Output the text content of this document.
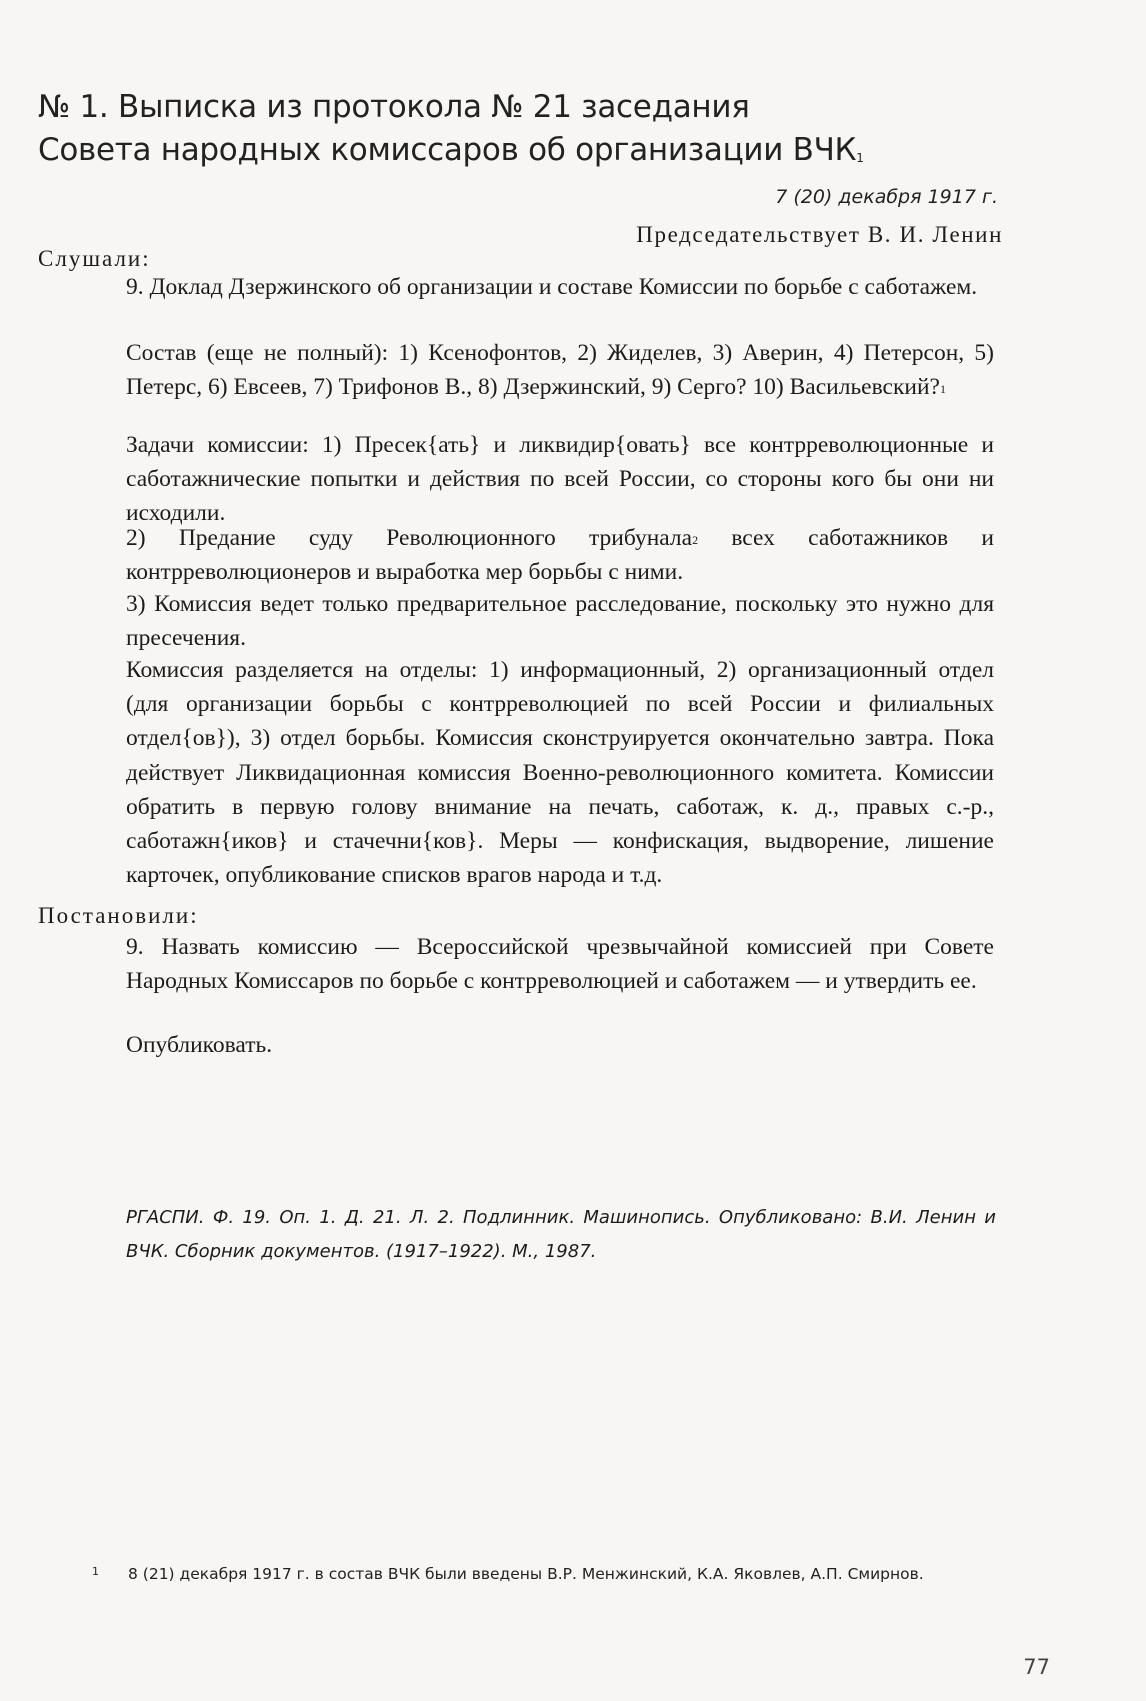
№ 1. Выписка из протокола № 21 заседания
Совета народных комиссаров об организации ВЧК$^1$
7 (20) декабря 1917 г.
Председательствует В. И. Ленин
Слушали:

9. Доклад Дзержинского об организации и составе Комиссии по борьбе с саботажем.

Состав (еще не полный): 1) Ксенофонтов, 2) Жиделев, 3) Аверин, 4) Петерсон, 5) Петерс, 6) Евсеев, 7) Трифонов В., 8) Дзержинский, 9) Серго? 10) Васильевский?$^1$

Задачи комиссии: 1) Пресек{ать} и ликвидир{овать} все контрреволюционные и саботажнические попытки и действия по всей России, со стороны кого бы они ни исходили.

2) Предание суду Революционного трибунала$^2$ всех саботажников и контрреволюционеров и выработка мер борьбы с ними.

3) Комиссия ведет только предварительное расследование, поскольку это нужно для пресечения.

Комиссия разделяется на отделы: 1) информационный, 2) организационный отдел (для организации борьбы с контрреволюцией по всей России и филиальных отдел{ов}), 3) отдел борьбы. Комиссия сконструируется окончательно завтра. Пока действует Ликвидационная комиссия Военно-революционного комитета. Комиссии обратить в первую голову внимание на печать, саботаж, к. д., правых с.-р., саботажн{иков} и стачечни{ков}. Меры — конфискация, выдворение, лишение карточек, опубликование списков врагов народа и т.д.

Постановили:

9. Назвать комиссию — Всероссийской чрезвычайной комиссией при Совете Народных Комиссаров по борьбе с контрреволюцией и саботажем — и утвердить ее.

Опубликовать.

РГАСПИ. Ф. 19. Оп. 1. Д. 21. Л. 2. Подлинник. Машинопись. Опубликовано: В.И. Ленин и ВЧК. Сборник документов. (1917–1922). М., 1987.

1 8 (21) декабря 1917 г. в состав ВЧК были введены В.Р. Менжинский, К.А. Яковлев, А.П. Смирнов.
77
